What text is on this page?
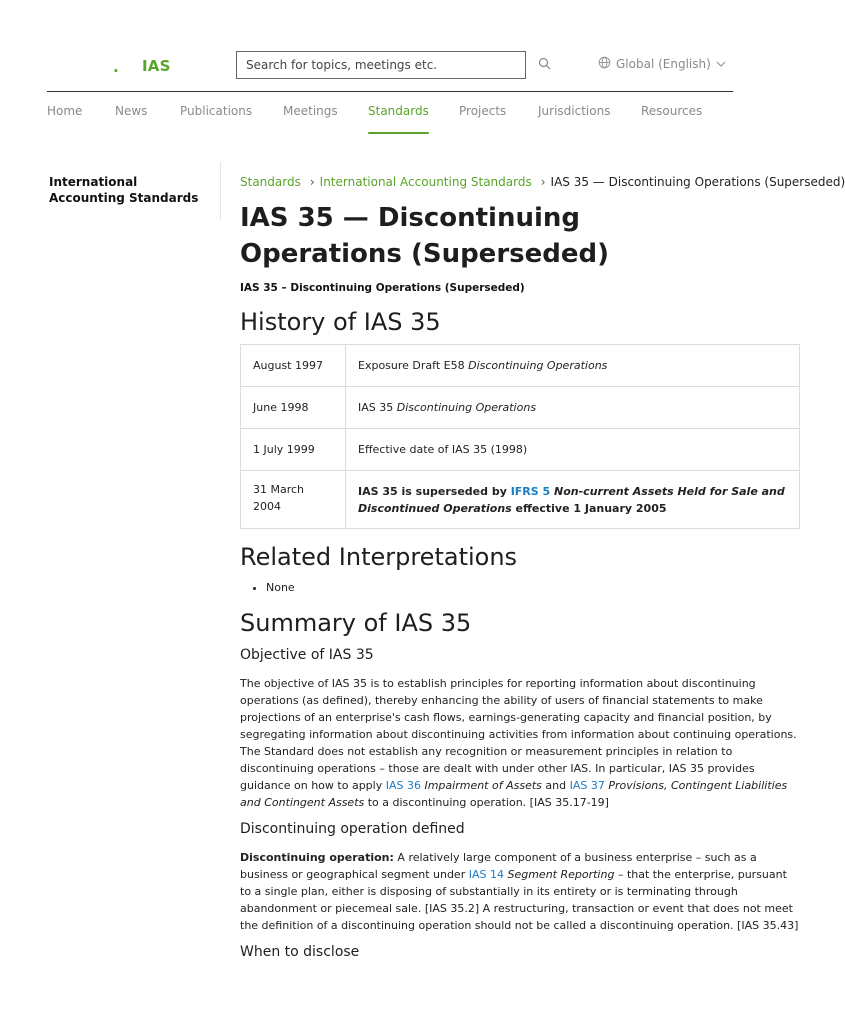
. IAS
Search for topics, meetings etc.	Global (English)
Home	News	Publications	Meetings	Standards	Projects	Jurisdictions	Resources
International Accounting Standards
Standards › International Accounting Standards › IAS 35 — Discontinuing Operations (Superseded)
IAS 35 — Discontinuing Operations (Superseded)
IAS 35 – Discontinuing Operations (Superseded)
History of IAS 35
August 1997	Exposure Draft E58 Discontinuing Operations
June 1998	IAS 35 Discontinuing Operations
1 July 1999	Effective date of IAS 35 (1998)
31 March 2004	IAS 35 is superseded by IFRS 5 Non-current Assets Held for Sale and Discontinued Operations effective 1 January 2005
Related Interpretations
• None
Summary of IAS 35
Objective of IAS 35

The objective of IAS 35 is to establish principles for reporting information about discontinuing operations (as defined), thereby enhancing the ability of users of financial statements to make projections of an enterprise's cash flows, earnings-generating capacity and financial position, by segregating information about discontinuing activities from information about continuing operations. The Standard does not establish any recognition or measurement principles in relation to discontinuing operations – those are dealt with under other IAS. In particular, IAS 35 provides guidance on how to apply IAS 36 Impairment of Assets and IAS 37 Provisions, Contingent Liabilities and Contingent Assets to a discontinuing operation. [IAS 35.17-19]

Discontinuing operation defined

Discontinuing operation: A relatively large component of a business enterprise – such as a business or geographical segment under IAS 14 Segment Reporting – that the enterprise, pursuant to a single plan, either is disposing of substantially in its entirety or is terminating through abandonment or piecemeal sale. [IAS 35.2] A restructuring, transaction or event that does not meet the definition of a discontinuing operation should not be called a discontinuing operation. [IAS 35.43]

When to disclose
